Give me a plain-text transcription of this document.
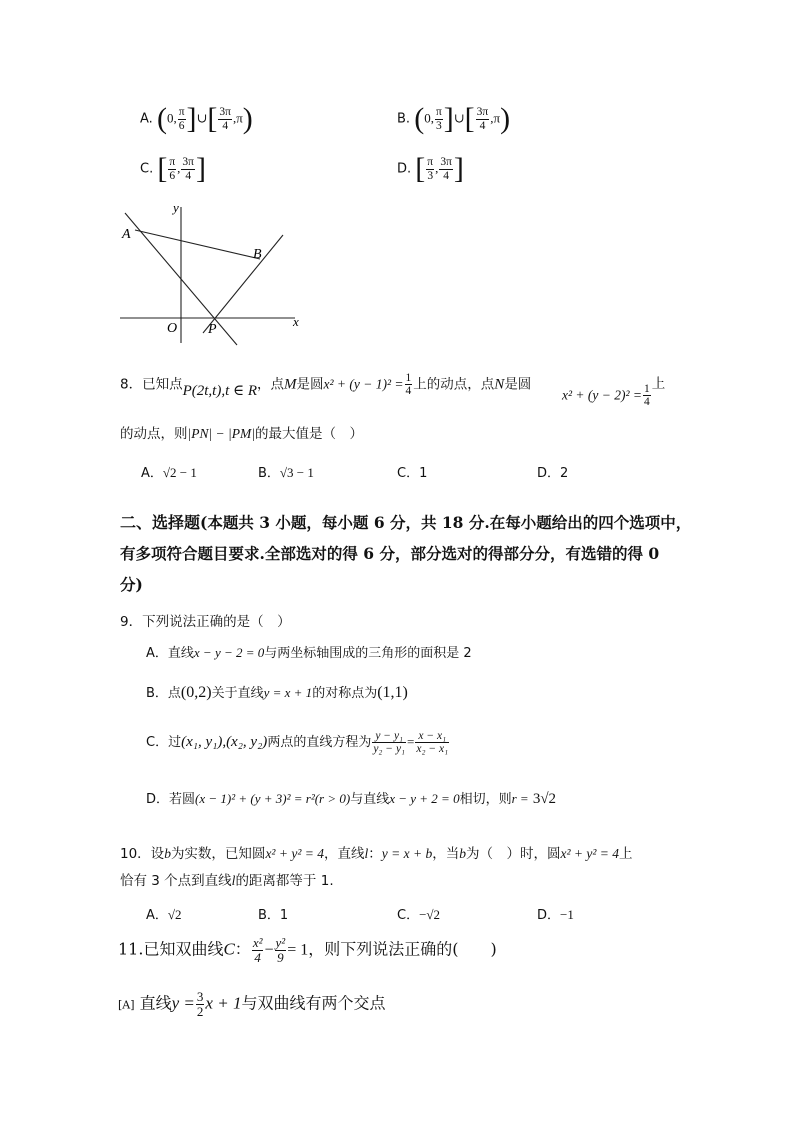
A. (0, $\frac{\pi}{6}$ ]∪[ $\frac{3\pi}{4} ,\pi$)	B. (0, $\frac{\pi}{3}$ ]∪[ $\frac{3\pi}{4} ,\pi$)
C. [ $\frac{\pi}{6}$ , $\frac{3\pi}{4}$ ]	D. [ $\frac{\pi}{3}$ , $\frac{3\pi}{4}$ ]
y
x
A
B
O P
8．已知点P(2t,t),t ∈ R，点M是圆$x^2 + (y - 1)^2 = \frac{1}{4}$ 上的动点，点N是圆
$x^2 + (y - 2)^2 = \frac{1}{4}$ 上
的动点，则|PN| − |PM|的最大值是（　）
A．√2 − 1	B．√3 − 1	C．1	D．2
二、选择题(本题共 3 小题，每小题 6 分，共 18 分.在每小题给出的四个选项中，
有多项符合题目要求.全部选对的得 6 分，部分选对的得部分分，有选错的得 0
分)
9．下列说法正确的是（　）
A．直线x − y − 2 = 0与两坐标轴围成的三角形的面积是 2
B．点(0,2)关于直线y = x + 1的对称点为(1,1)
C．过(x₁, y₁),(x₂, y₂)两点的直线方程为 $\frac{\text{y − y₁}}{\text{y₂ − y₁}} = \frac{\text{x − x₁}}{\text{x₂ − x₁}}$
D．若圆(x − 1)² + (y + 3)² = r²(r > 0)与直线x − y + 2 = 0相切，则r = 3√2
10．设b为实数，已知圆x² + y² = 4，直线l：y = x + b，当b为（　）时，圆x² + y² = 4上
恰有 3 个点到直线l的距离都等于 1.
A．√2	B．1	C．−√2	D．−1
11.已知双曲线C： $\frac{\text{x²}}{4} - \frac{\text{y²}}{9} = 1$，则下列说法正确的(　　)
[A] 直线$y = \frac{3}{2}$ x + 1与双曲线有两个交点
